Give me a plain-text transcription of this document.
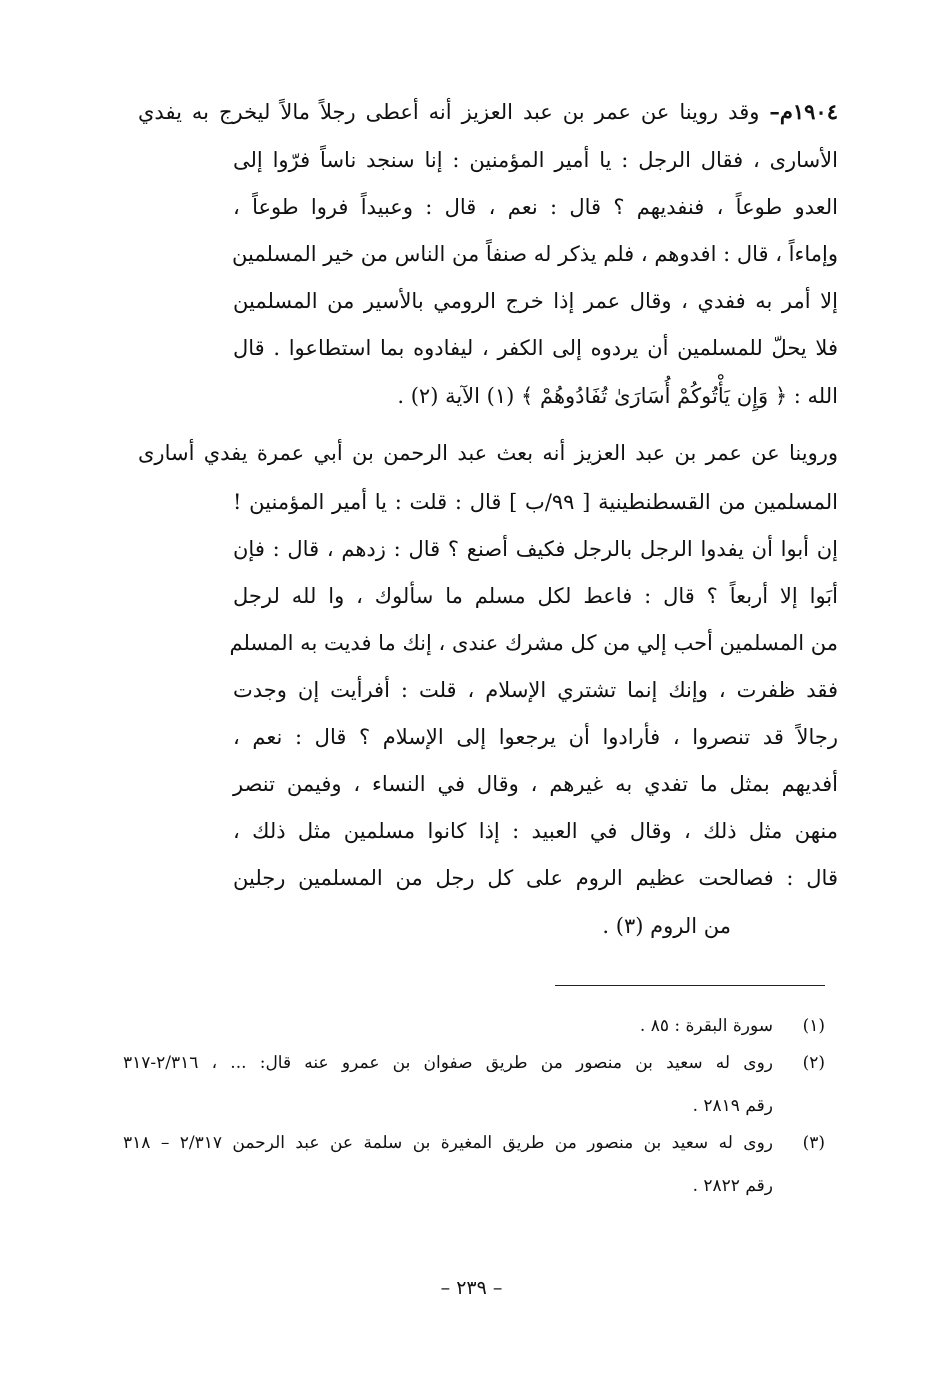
١٩٠٤م– وقد روينا عن عمر بن عبد العزيز أنه أعطى رجلاً مالاً ليخرج به يفدي
الأسارى ، فقال الرجل : يا أمير المؤمنين : إنا سنجد ناساً فرّوا إلى
العدو طوعاً ، فنفديهم ؟ قال : نعم ، قال : وعبيداً فروا طوعاً ،
وإماءاً ، قال : افدوهم ، فلم يذكر له صنفاً من الناس من خير المسلمين
إلا أمر به ففدي ، وقال عمر إذا خرج الرومي بالأسير من المسلمين
فلا يحلّ للمسلمين أن يردوه إلى الكفر ، ليفادوه بما استطاعوا . قال
الله : ﴿ وَإِن يَأْتُوكُمْ أُسَارَىٰ تُفَادُوهُمْ ﴾ (١) الآية (٢) .
وروينا عن عمر بن عبد العزيز أنه بعث عبد الرحمن بن أبي عمرة يفدي أسارى
المسلمين من القسطنطينية [ ٩٩/ب ] قال : قلت : يا أمير المؤمنين !
إن أبوا أن يفدوا الرجل بالرجل فكيف أصنع ؟ قال : زدهم ، قال : فإن
أبَوا إلا أربعاً ؟ قال : فاعط لكل مسلم ما سألوك ، وا لله لرجل
من المسلمين أحب إلي من كل مشرك عندى ، إنك ما فديت به المسلم
فقد ظفرت ، وإنك إنما تشتري الإسلام ، قلت : أفرأيت إن وجدت
رجالاً قد تنصروا ، فأرادوا أن يرجعوا إلى الإسلام ؟ قال : نعم ،
أفديهم بمثل ما تفدي به غيرهم ، وقال في النساء ، وفيمن تنصر
منهن مثل ذلك ، وقال في العبيد : إذا كانوا مسلمين مثل ذلك ،
قال : فصالحت عظيم الروم على كل رجل من المسلمين رجلين
من الروم (٣) .
(١)
سورة البقرة : ٨٥ .
(٢)
روى له سعيد بن منصور من طريق صفوان بن عمرو عنه قال: ... ، ٢/٣١٦-٣١٧
رقم ٢٨١٩ .
(٣)
روى له سعيد بن منصور من طريق المغيرة بن سلمة عن عبد الرحمن ٢/٣١٧ – ٣١٨
رقم ٢٨٢٢ .
– ٢٣٩ –
